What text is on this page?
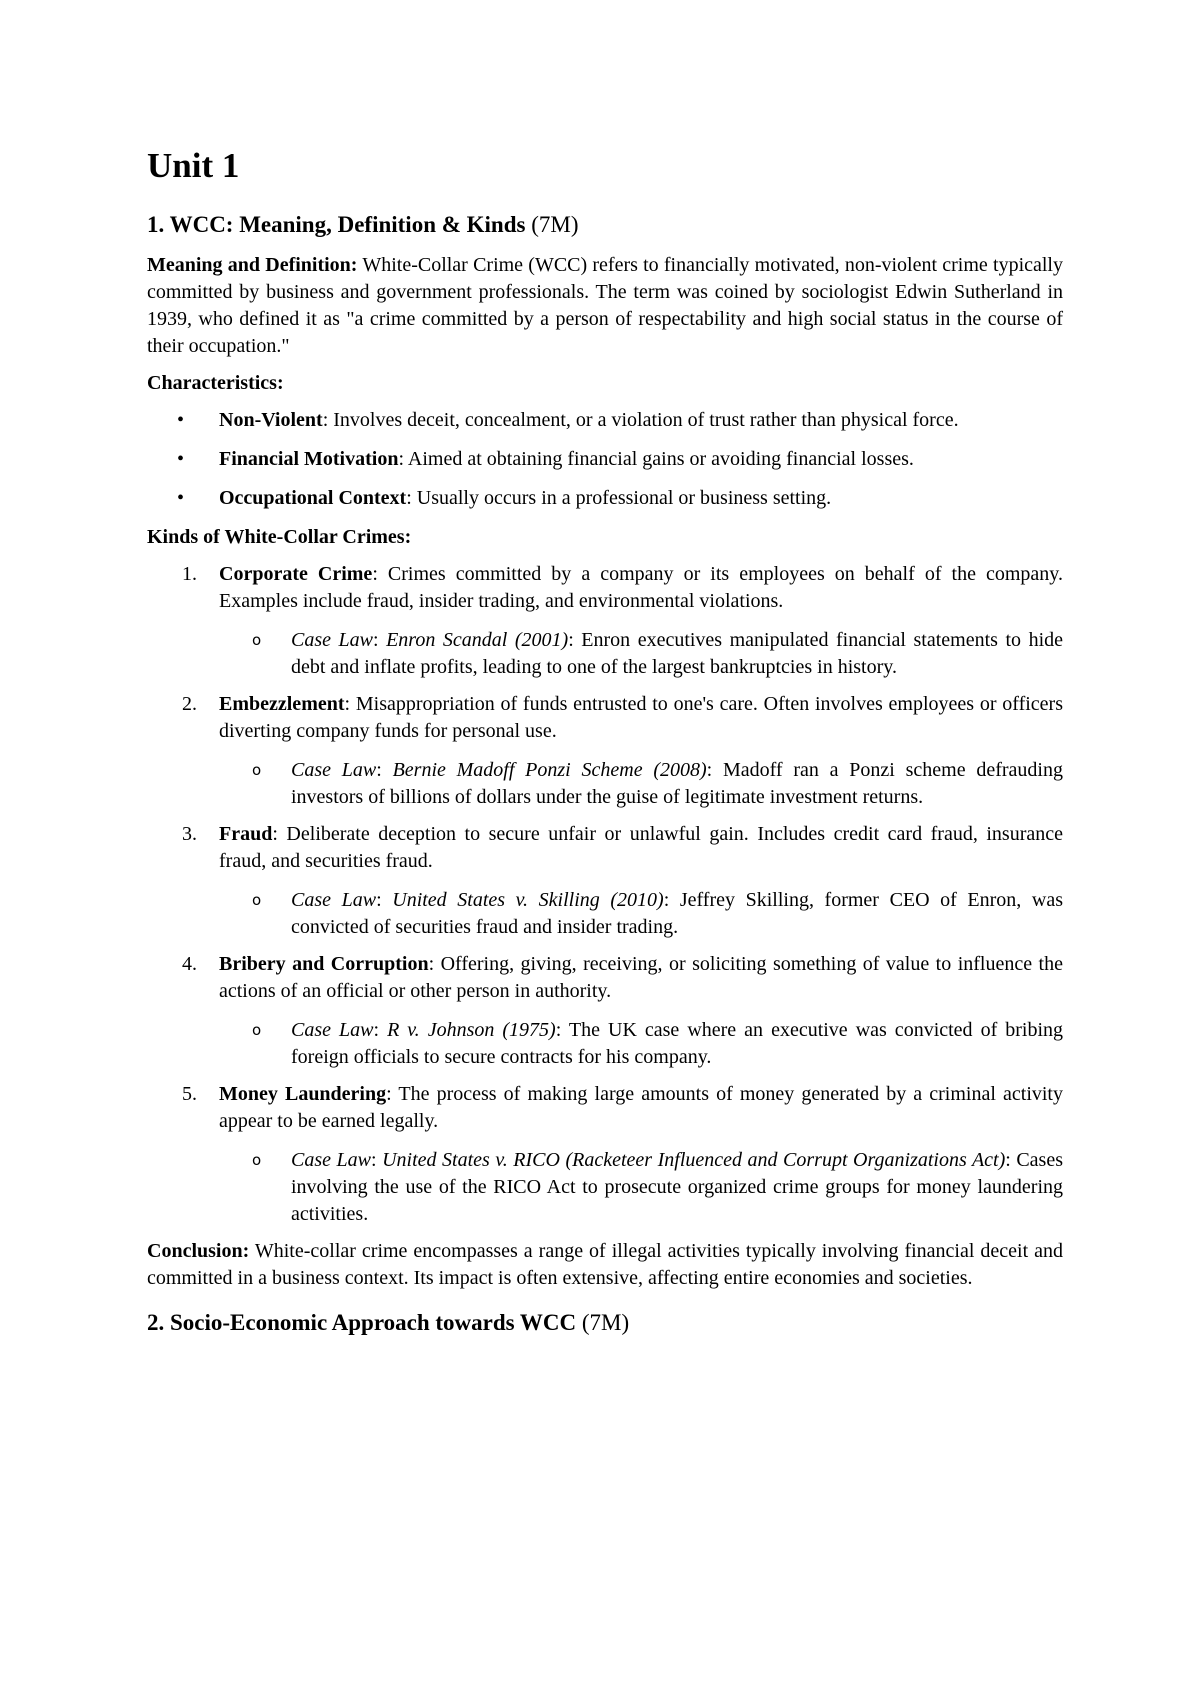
Unit 1
1. WCC: Meaning, Definition & Kinds (7M)

Meaning and Definition: White-Collar Crime (WCC) refers to financially motivated, non-violent crime typically committed by business and government professionals. The term was coined by sociologist Edwin Sutherland in 1939, who defined it as "a crime committed by a person of respectability and high social status in the course of their occupation."

Characteristics:

• Non-Violent: Involves deceit, concealment, or a violation of trust rather than physical force.
• Financial Motivation: Aimed at obtaining financial gains or avoiding financial losses.
• Occupational Context: Usually occurs in a professional or business setting.

Kinds of White-Collar Crimes:

1. Corporate Crime: Crimes committed by a company or its employees on behalf of the company. Examples include fraud, insider trading, and environmental violations.
o Case Law: Enron Scandal (2001): Enron executives manipulated financial statements to hide debt and inflate profits, leading to one of the largest bankruptcies in history.
2. Embezzlement: Misappropriation of funds entrusted to one's care. Often involves employees or officers diverting company funds for personal use.
o Case Law: Bernie Madoff Ponzi Scheme (2008): Madoff ran a Ponzi scheme defrauding investors of billions of dollars under the guise of legitimate investment returns.
3. Fraud: Deliberate deception to secure unfair or unlawful gain. Includes credit card fraud, insurance fraud, and securities fraud.
o Case Law: United States v. Skilling (2010): Jeffrey Skilling, former CEO of Enron, was convicted of securities fraud and insider trading.
4. Bribery and Corruption: Offering, giving, receiving, or soliciting something of value to influence the actions of an official or other person in authority.
o Case Law: R v. Johnson (1975): The UK case where an executive was convicted of bribing foreign officials to secure contracts for his company.
5. Money Laundering: The process of making large amounts of money generated by a criminal activity appear to be earned legally.
o Case Law: United States v. RICO (Racketeer Influenced and Corrupt Organizations Act): Cases involving the use of the RICO Act to prosecute organized crime groups for money laundering activities.

Conclusion: White-collar crime encompasses a range of illegal activities typically involving financial deceit and committed in a business context. Its impact is often extensive, affecting entire economies and societies.

2. Socio-Economic Approach towards WCC (7M)
